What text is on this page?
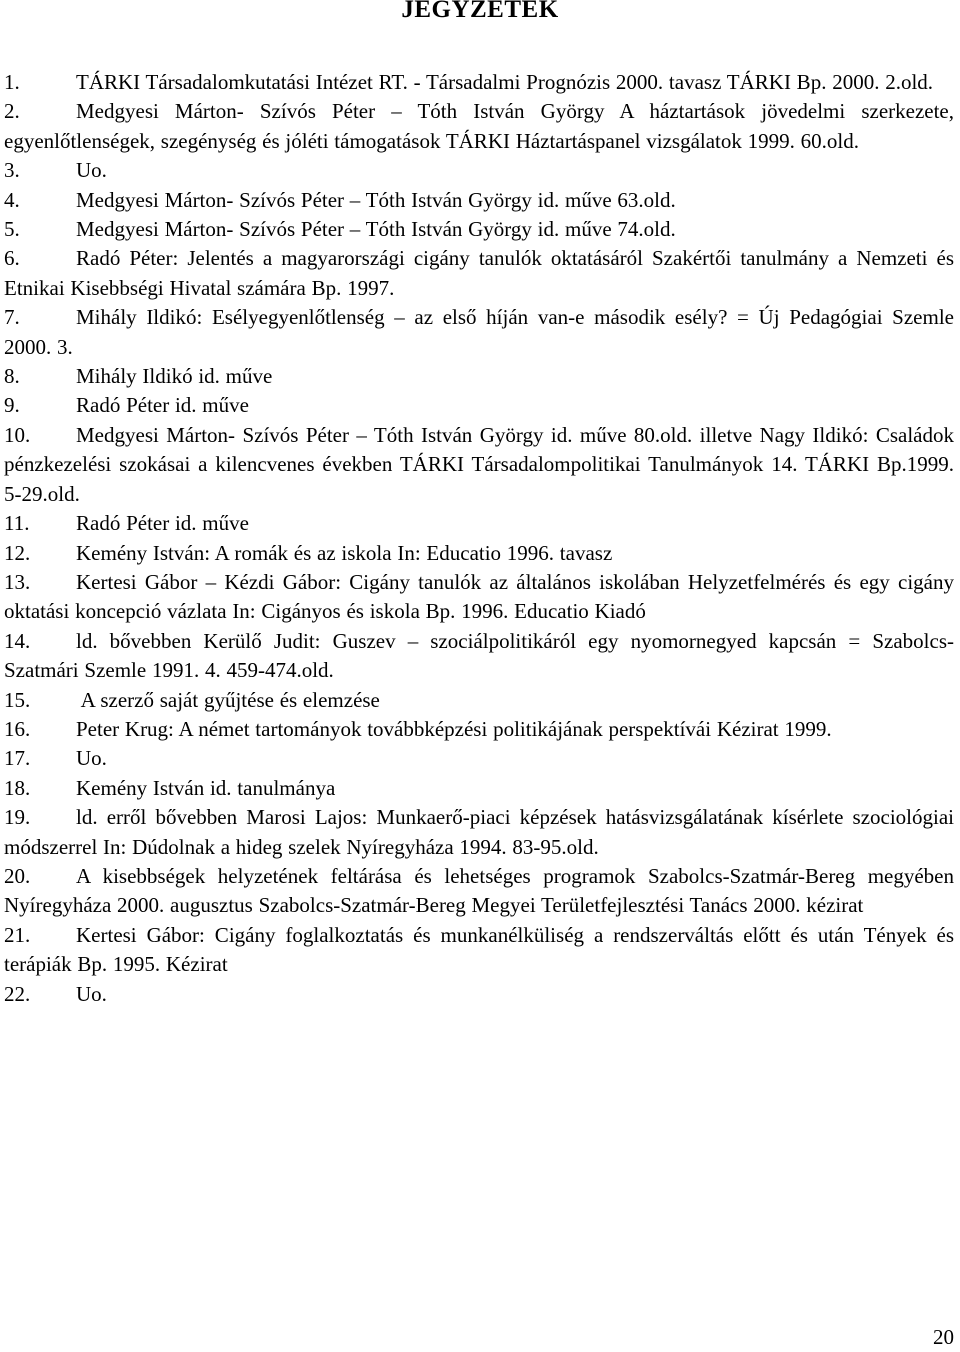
JEGYZETEK
1.	TÁRKI Társadalomkutatási Intézet RT. - Társadalmi Prognózis 2000. tavasz TÁRKI Bp. 2000. 2.old.
2.	Medgyesi Márton- Szívós Péter – Tóth István György A háztartások jövedelmi szerkezete, egyenlőtlenségek, szegénység és jóléti támogatások TÁRKI Háztartáspanel vizsgálatok 1999. 60.old.
3.	Uo.
4.	Medgyesi Márton- Szívós Péter – Tóth István György id. műve 63.old.
5.	Medgyesi Márton- Szívós Péter – Tóth István György id. műve 74.old.
6.	Radó Péter: Jelentés a magyarországi cigány tanulók oktatásáról Szakértői tanulmány a Nemzeti és Etnikai Kisebbségi Hivatal számára Bp. 1997.
7.	Mihály Ildikó: Esélyegyenlőtlenség – az első híján van-e második esély? = Új Pedagógiai Szemle 2000. 3.
8.	Mihály Ildikó id. műve
9.	Radó Péter id. műve
10. Medgyesi Márton- Szívós Péter – Tóth István György id. műve 80.old. illetve Nagy Ildikó: Családok pénzkezelési szokásai a kilencvenes években TÁRKI Társadalompolitikai Tanulmányok 14. TÁRKI Bp.1999. 5-29.old.
11. Radó Péter id. műve
12. Kemény István: A romák és az iskola In: Educatio 1996. tavasz
13. Kertesi Gábor – Kézdi Gábor: Cigány tanulók az általános iskolában Helyzetfelmérés és egy cigány oktatási koncepció vázlata In: Cigányos és iskola Bp. 1996. Educatio Kiadó
14. ld. bővebben Kerülő Judit: Guszev – szociálpolitikáról egy nyomornegyed kapcsán = Szabolcs-Szatmári Szemle 1991. 4. 459-474.old.
15. A szerző saját gyűjtése és elemzése
16. Peter Krug: A német tartományok továbbképzési politikájának perspektívái Kézirat 1999.
17. Uo.
18. Kemény István id. tanulmánya
19. ld. erről bővebben Marosi Lajos: Munkaerő-piaci képzések hatásvizsgálatának kísérlete szociológiai módszerrel In: Dúdolnak a hideg szelek Nyíregyháza 1994. 83-95.old.
20. A kisebbségek helyzetének feltárása és lehetséges programok Szabolcs-Szatmár-Bereg megyében Nyíregyháza 2000. augusztus Szabolcs-Szatmár-Bereg Megyei Területfejlesztési Tanács 2000. kézirat
21. Kertesi Gábor: Cigány foglalkoztatás és munkanélküliség a rendszerváltás előtt és után Tények és terápiák Bp. 1995. Kézirat
22. Uo.
20
